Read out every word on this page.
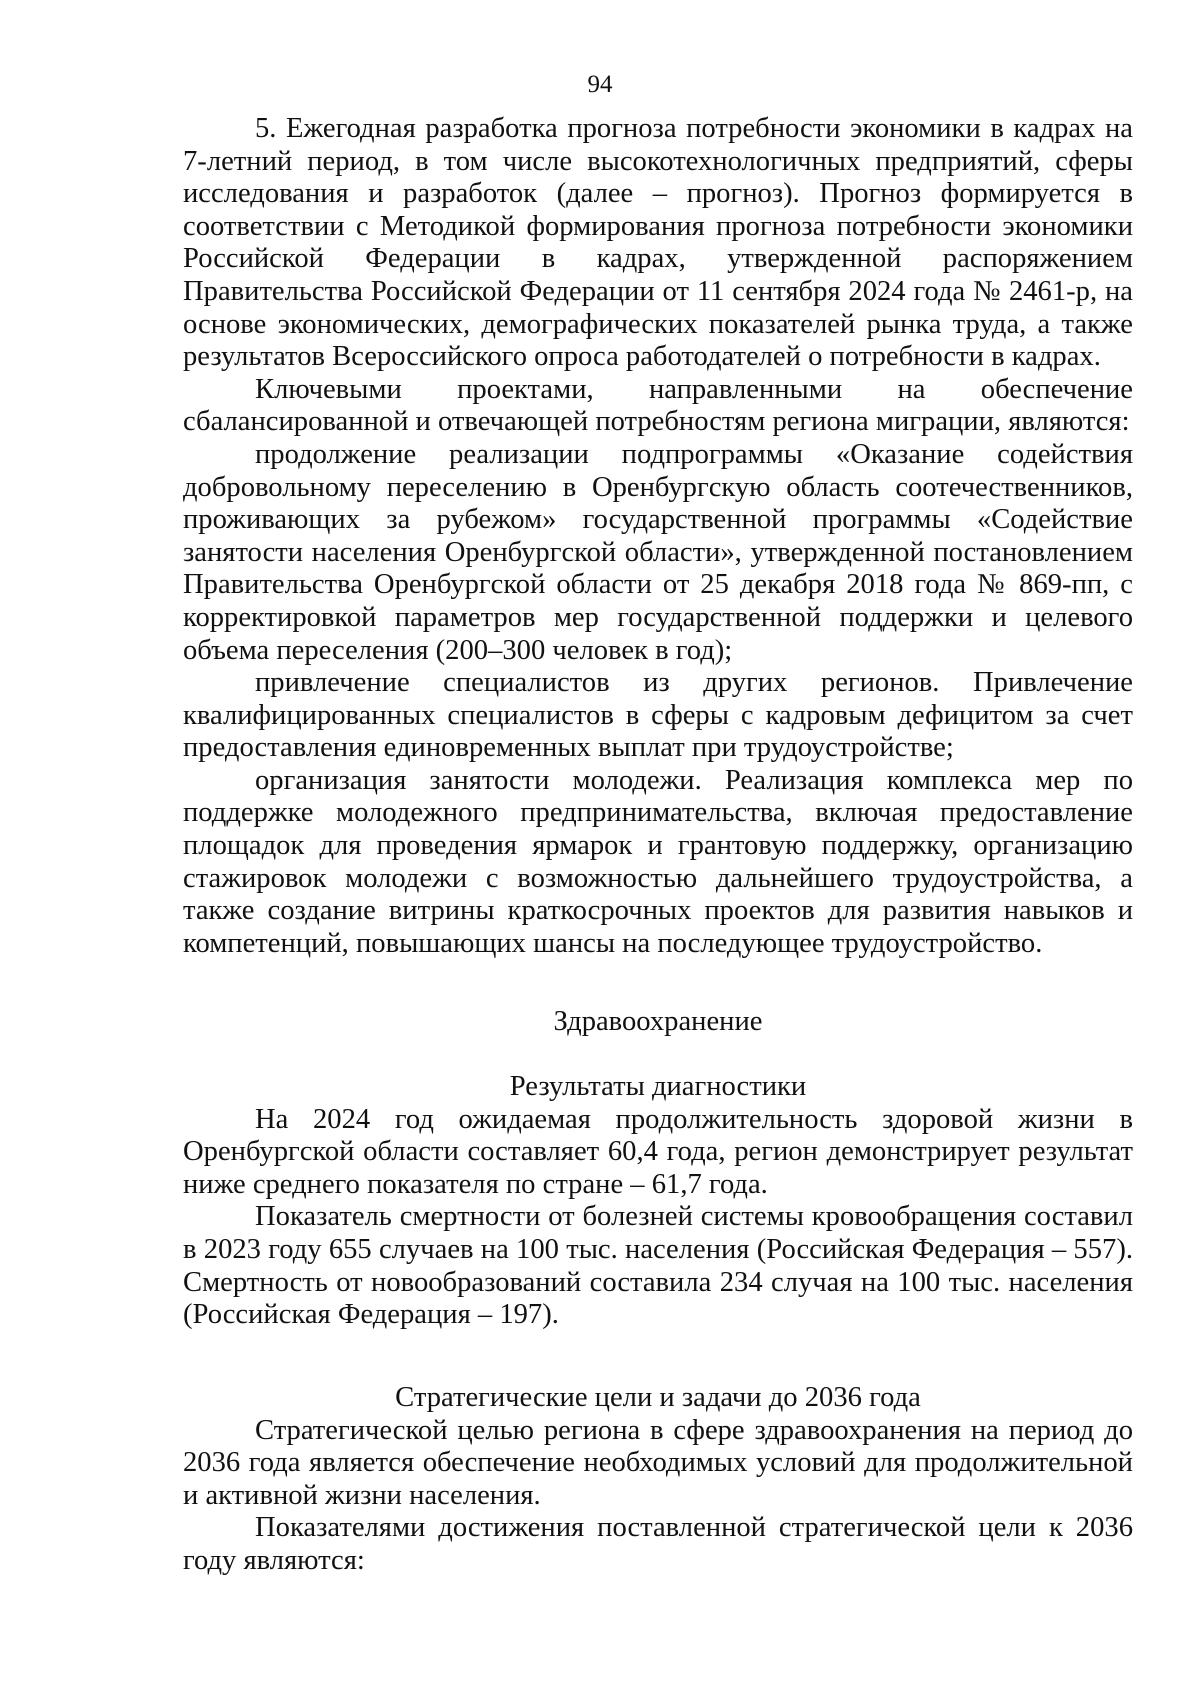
94

5. Ежегодная разработка прогноза потребности экономики в кадрах на 7-летний период, в том числе высокотехнологичных предприятий, сферы исследования и разработок (далее – прогноз). Прогноз формируется в соответствии с Методикой формирования прогноза потребности экономики Российской Федерации в кадрах, утвержденной распоряжением Правительства Российской Федерации от 11 сентября 2024 года № 2461-р, на основе экономических, демографических показателей рынка труда, а также результатов Всероссийского опроса работодателей о потребности в кадрах.

Ключевыми проектами, направленными на обеспечение сбалансированной и отвечающей потребностям региона миграции, являются:

продолжение реализации подпрограммы «Оказание содействия добровольному переселению в Оренбургскую область соотечественников, проживающих за рубежом» государственной программы «Содействие занятости населения Оренбургской области», утвержденной постановлением Правительства Оренбургской области от 25 декабря 2018 года № 869-пп, с корректировкой параметров мер государственной поддержки и целевого объема переселения (200–300 человек в год);

привлечение специалистов из других регионов. Привлечение квалифицированных специалистов в сферы с кадровым дефицитом за счет предоставления единовременных выплат при трудоустройстве;

организация занятости молодежи. Реализация комплекса мер по поддержке молодежного предпринимательства, включая предоставление площадок для проведения ярмарок и грантовую поддержку, организацию стажировок молодежи с возможностью дальнейшего трудоустройства, а также создание витрины краткосрочных проектов для развития навыков и компетенций, повышающих шансы на последующее трудоустройство.

Здравоохранение

Результаты диагностики

На 2024 год ожидаемая продолжительность здоровой жизни в Оренбургской области составляет 60,4 года, регион демонстрирует результат ниже среднего показателя по стране – 61,7 года.

Показатель смертности от болезней системы кровообращения составил в 2023 году 655 случаев на 100 тыс. населения (Российская Федерация – 557). Смертность от новообразований составила 234 случая на 100 тыс. населения (Российская Федерация – 197).

Стратегические цели и задачи до 2036 года

Стратегической целью региона в сфере здравоохранения на период до 2036 года является обеспечение необходимых условий для продолжительной и активной жизни населения.

Показателями достижения поставленной стратегической цели к 2036 году являются:
